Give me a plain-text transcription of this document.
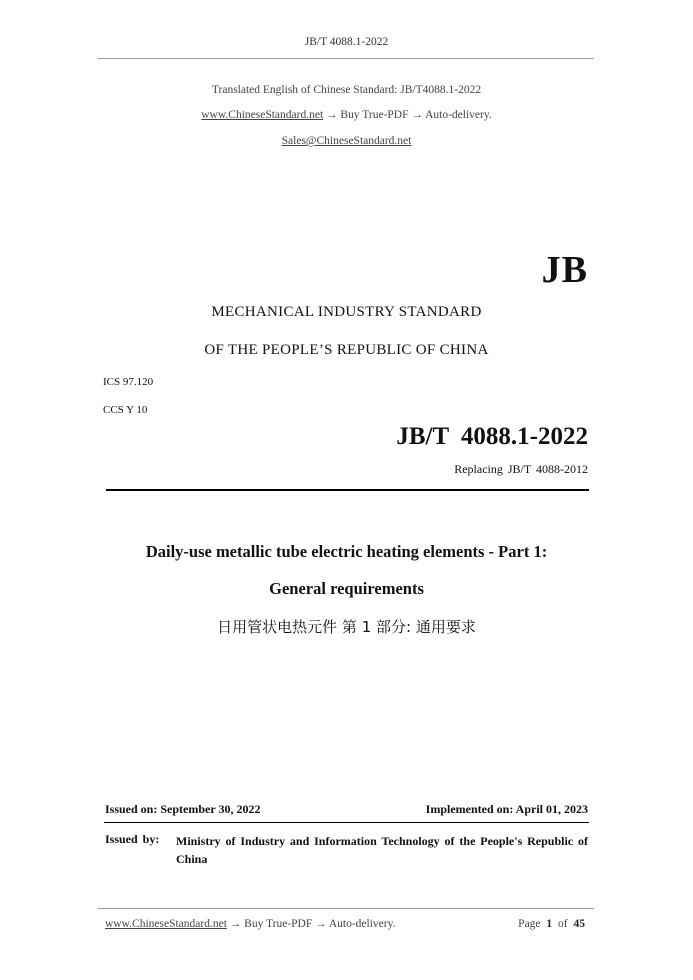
JB/T 4088.1-2022
Translated English of Chinese Standard: JB/T4088.1-2022
www.ChineseStandard.net → Buy True-PDF → Auto-delivery.
Sales@ChineseStandard.net
JB
MECHANICAL INDUSTRY STANDARD
OF THE PEOPLE’S REPUBLIC OF CHINA
ICS 97.120
CCS Y 10
JB/T 4088.1-2022
Replacing JB/T 4088-2012
Daily-use metallic tube electric heating elements - Part 1:
General requirements
日用管状电热元件 第 1 部分: 通用要求
Issued on: September 30, 2022	Implemented on: April 01, 2023
Issued by: Ministry of Industry and Information Technology of the People's Republic of China
www.ChineseStandard.net → Buy True-PDF → Auto-delivery.	Page 1 of 45
